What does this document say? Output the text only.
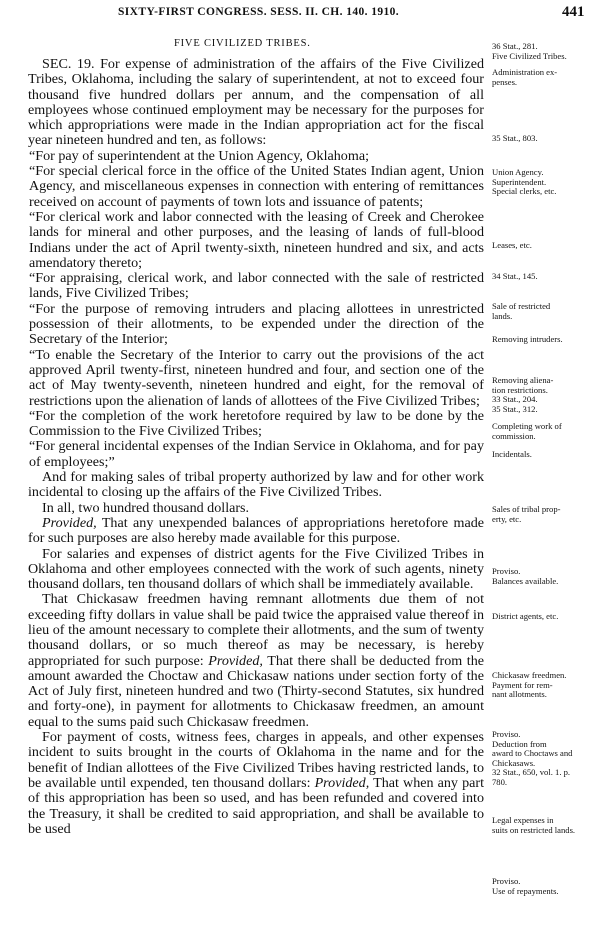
SIXTY-FIRST CONGRESS. SESS. II. CH. 140. 1910.	441
FIVE CIVILIZED TRIBES.

SEC. 19. For expense of administration of the affairs of the Five Civilized Tribes, Oklahoma, including the salary of superintendent, at not to exceed four thousand five hundred dollars per annum, and the compensation of all employees whose continued employment may be necessary for the purposes for which appropriations were made in the Indian appropriation act for the fiscal year nineteen hundred and ten, as follows:

“For pay of superintendent at the Union Agency, Oklahoma;

“For special clerical force in the office of the United States Indian agent, Union Agency, and miscellaneous expenses in connection with entering of remittances received on account of payments of town lots and issuance of patents;

“For clerical work and labor connected with the leasing of Creek and Cherokee lands for mineral and other purposes, and the leasing of lands of full-blood Indians under the act of April twenty-sixth, nineteen hundred and six, and acts amendatory thereto;

“For appraising, clerical work, and labor connected with the sale of restricted lands, Five Civilized Tribes;

“For the purpose of removing intruders and placing allottees in unrestricted possession of their allotments, to be expended under the direction of the Secretary of the Interior;

“To enable the Secretary of the Interior to carry out the provisions of the act approved April twenty-first, nineteen hundred and four, and section one of the act of May twenty-seventh, nineteen hundred and eight, for the removal of restrictions upon the alienation of lands of allottees of the Five Civilized Tribes;

“For the completion of the work heretofore required by law to be done by the Commission to the Five Civilized Tribes;

“For general incidental expenses of the Indian Service in Oklahoma, and for pay of employees;”

And for making sales of tribal property authorized by law and for other work incidental to closing up the affairs of the Five Civilized Tribes.

In all, two hundred thousand dollars.

Provided, That any unexpended balances of appropriations heretofore made for such purposes are also hereby made available for this purpose.

For salaries and expenses of district agents for the Five Civilized Tribes in Oklahoma and other employees connected with the work of such agents, ninety thousand dollars, ten thousand dollars of which shall be immediately available.

That Chickasaw freedmen having remnant allotments due them of not exceeding fifty dollars in value shall be paid twice the appraised value thereof in lieu of the amount necessary to complete their allotments, and the sum of twenty thousand dollars, or so much thereof as may be necessary, is hereby appropriated for such purpose: Provided, That there shall be deducted from the amount awarded the Choctaw and Chickasaw nations under section forty of the Act of July first, nineteen hundred and two (Thirty-second Statutes, six hundred and forty-one), in payment for allotments to Chickasaw freedmen, an amount equal to the sums paid such Chickasaw freedmen.

For payment of costs, witness fees, charges in appeals, and other expenses incident to suits brought in the courts of Oklahoma in the name and for the benefit of Indian allottees of the Five Civilized Tribes having restricted lands, to be available until expended, ten thousand dollars: Provided, That when any part of this appropriation has been so used, and has been refunded and covered into the Treasury, it shall be credited to said appropriation, and shall be available to be used

36 Stat., 281.
Five Civilized Tribes.
Administration ex-
penses.
35 Stat., 803.
Union Agency.
Superintendent.
Special clerks, etc.
Leases, etc.
34 Stat., 145.
Sale of restricted
lands.
Removing intruders.
Removing aliena-
tion restrictions.
33 Stat., 204.
35 Stat., 312.
Completing work of
commission.
Incidentals.
Sales of tribal prop-
erty, etc.
Proviso.
Balances available.
District agents, etc.
Chickasaw freedmen.
Payment for rem-
nant allotments.
Proviso.
Deduction from
award to Choctaws and
Chickasaws.
32 Stat., 650, vol. 1. p.
780.
Legal expenses in
suits on restricted lands.
Proviso.
Use of repayments.
